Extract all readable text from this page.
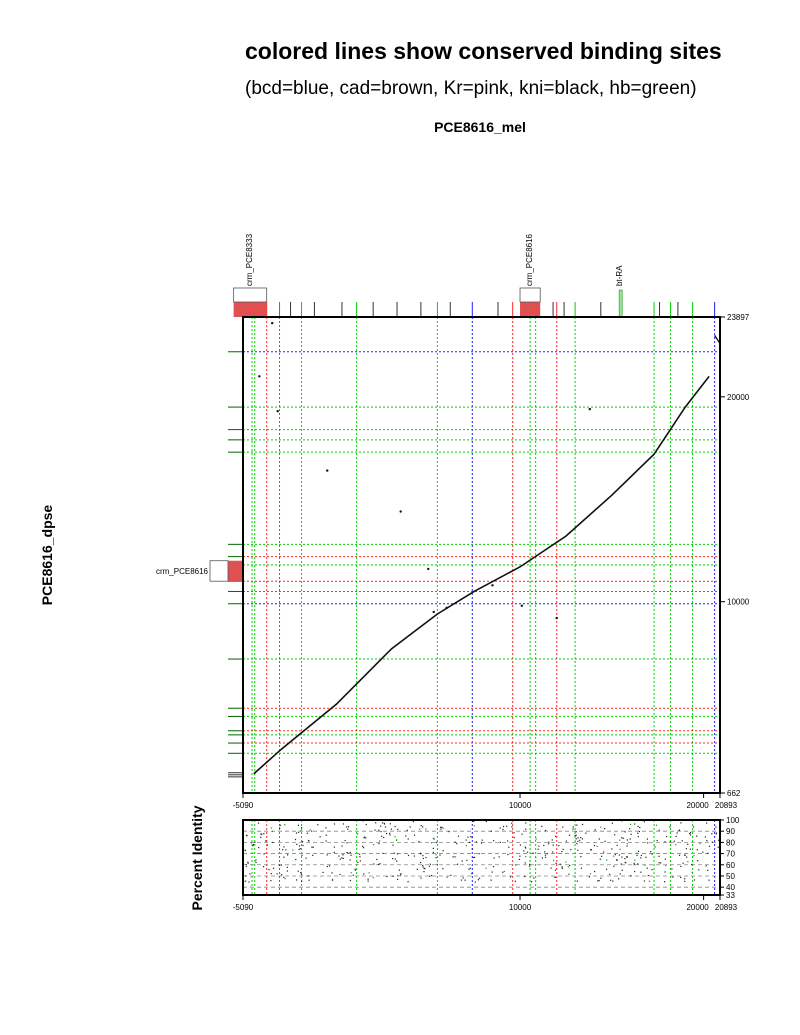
colored lines show conserved binding sites
(bcd=blue, cad=brown, Kr=pink, kni=black, hb=green)
PCE8616_mel
PCE8616_dpse
Percent Identity
crm_PCE8333	crm_PCE8616	bt-RA
crm_PCE8616
662
10000
20000
23897
-5090	10000	20000 20893
33
40
50
60
70
80
90
100
-5090	10000	20000 20893
